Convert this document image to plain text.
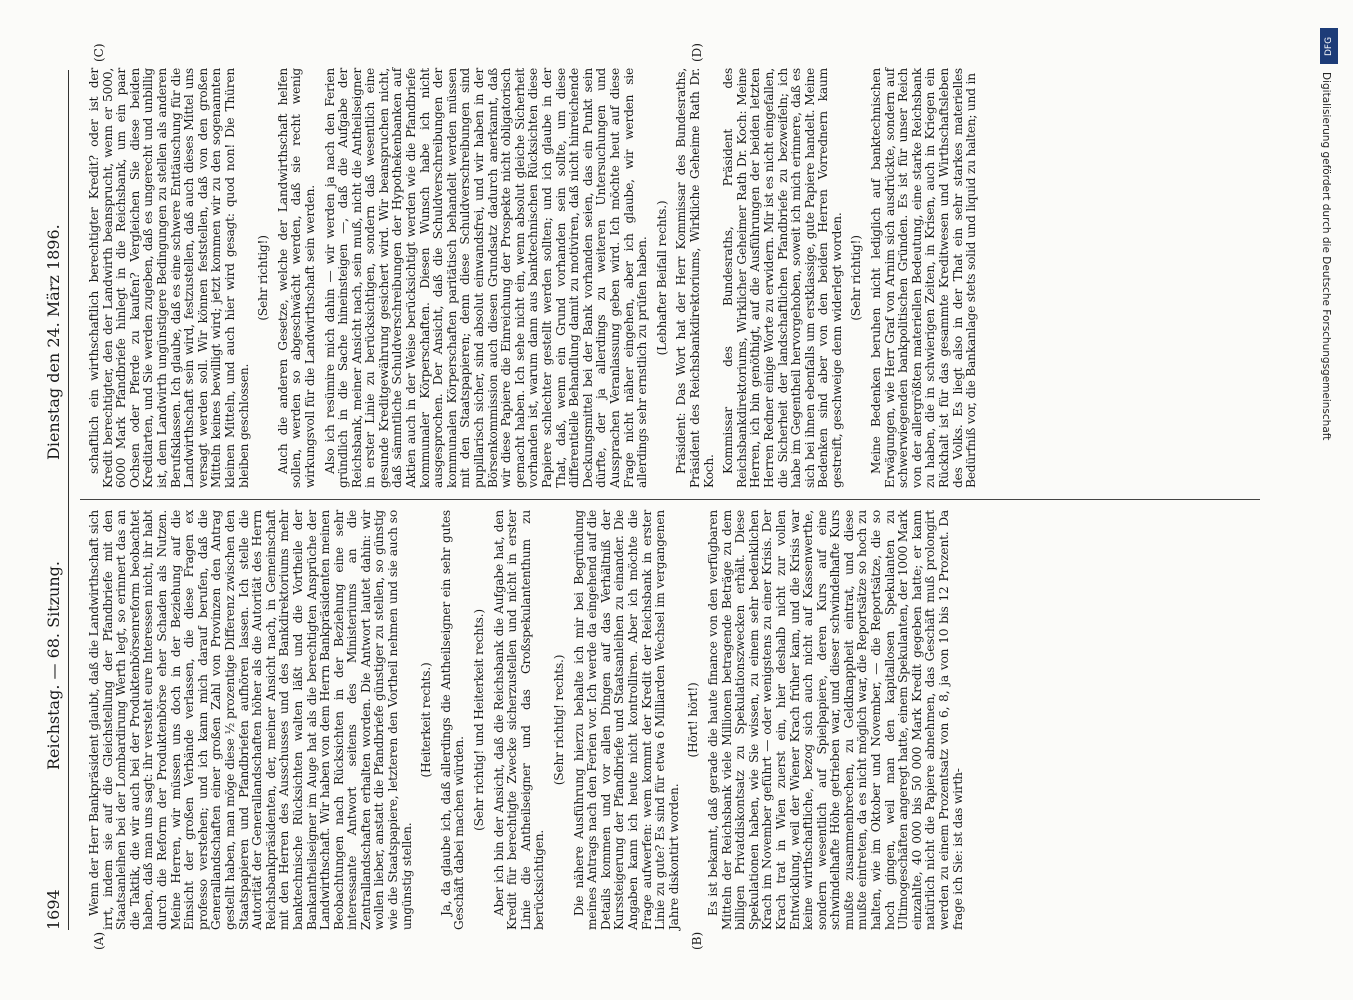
1694
Reichstag. — 68. Sitzung.
Dienstag den 24. März 1896.
(A)	(B)
(C)	(D)

Wenn der Herr Bankpräsident glaubt, daß die Landwirthschaft sich irrt, indem sie auf die Gleichstellung der Pfandbriefe mit den Staatsanleihen bei der Lombardirung Werth legt, so erinnert das an die Taktik, die wir auch bei der Produktenbörsenreform beobachtet haben, daß man uns sagt: ihr versteht eure Interessen nicht, ihr habt durch die Reform der Produktenbörse eher Schaden als Nutzen. Meine Herren, wir müssen uns doch in der Beziehung auf die Einsicht der großen Verbände verlassen, die diese Fragen ex professo verstehen; und ich kann mich darauf berufen, daß die Generallandschaften einer großen Zahl von Provinzen den Antrag gestellt haben, man möge diese ½ prozentige Differenz zwischen den Staatspapieren und Pfandbriefen aufhören lassen. Ich stelle die Autorität der Generallandschaften höher als die Autorität des Herrn Reichsbankpräsidenten, der, meiner Ansicht nach, in Gemeinschaft mit den Herren des Ausschusses und des Bankdirektoriums mehr banktechnische Rücksichten walten läßt und die Vortheile der Bankantheilseigner im Auge hat als die berechtigten Ansprüche der Landwirthschaft. Wir haben von dem Herrn Bankpräsidenten meinen Beobachtungen nach Rücksichten in der Beziehung eine sehr interessante Antwort seitens des Ministeriums an die Zentrallandschaften erhalten worden. Die Antwort lautet dahin: wir wollen lieber, anstatt die Pfandbriefe günstiger zu stellen, so günstig wie die Staatspapiere, letzteren den Vortheil nehmen und sie auch so ungünstig stellen.

(Heiterkeit rechts.) Ja, da glaube ich, daß allerdings die Antheilseigner ein sehr gutes Geschäft dabei machen würden.

(Sehr richtig! und Heiterkeit rechts.) Aber ich bin der Ansicht, daß die Reichsbank die Aufgabe hat, den Kredit für berechtigte Zwecke sicherzustellen und nicht in erster Linie die Antheilseigner und das Großspekulantenthum zu berücksichtigen.

(Sehr richtig! rechts.) Die nähere Ausführung hierzu behalte ich mir bei Begründung meines Antrags nach den Ferien vor. Ich werde da eingehend auf die Details kommen und vor allen Dingen auf das Verhältniß der Kurssteigerung der Pfandbriefe und Staatsanleihen zu einander. Die Angaben kann ich heute nicht kontrolliren. Aber ich möchte die Frage aufwerfen: wem kommt der Kredit der Reichsbank in erster Linie zu gute? Es sind für etwa 6 Milliarden Wechsel im vergangenen Jahre diskontirt worden.

(Hört! hört!) Es ist bekannt, daß gerade die haute finance von den verfügbaren Mitteln der Reichsbank viele Millionen betragende Beträge zu dem billigen Privatdiskontsatz zu Spekulationszwecken erhält. Diese Spekulationen haben, wie Sie wissen, zu einem sehr bedenklichen Krach im November geführt — oder wenigstens zu einer Krisis. Der Krach trat in Wien zuerst ein, hier deshalb nicht zur vollen Entwicklung, weil der Wiener Krach früher kam, und die Krisis war keine wirthschaftliche, bezog sich auch nicht auf Kassenwerthe, sondern wesentlich auf Spielpapiere, deren Kurs auf eine schwindelhafte Höhe getrieben war, und dieser schwindelhafte Kurs mußte zusammenbrechen, zu Geldknappheit eintrat, und diese mußte eintreten, da es nicht möglich war, die Reportsätze so hoch zu halten, wie im Oktober und November, — die Reportsätze, die so hoch gingen, weil man den kapitallosen Spekulanten zu Ultimogeschäften angeregt hatte, einem Spekulanten, der 1000 Mark einzahlte, 40 000 bis 50 000 Mark Kredit gegeben hatte; er kann natürlich nicht die Papiere abnehmen, das Geschäft muß prolongirt werden zu einem Prozentsatz von 6, 8, ja von 10 bis 12 Prozent. Da frage ich Sie: ist das wirth-

schaftlich ein wirthschaftlich berechtigter Kredit? oder ist der Kredit berechtigter, den der Landwirth beansprucht, wenn er 5000, 6000 Mark Pfandbriefe hinlegt in die Reichsbank, um ein paar Ochsen oder Pferde zu kaufen? Vergleichen Sie diese beiden Kreditarten, und Sie werden zugeben, daß es ungerecht und unbillig ist, dem Landwirth ungünstigere Bedingungen zu stellen als anderen Berufsklassen. Ich glaube, daß es eine schwere Enttäuschung für die Landwirthschaft sein wird, festzustellen, daß auch dieses Mittel uns versagt werden soll. Wir können feststellen, daß von den großen Mitteln keines bewilligt wird; jetzt kommen wir zu den sogenannten kleinen Mitteln, und auch hier wird gesagt: quod non! Die Thüren bleiben geschlossen.

(Sehr richtig!) Auch die anderen Gesetze, welche der Landwirthschaft helfen sollen, werden so abgeschwächt werden, daß sie recht wenig wirkungsvoll für die Landwirthschaft sein werden. Also ich resümire mich dahin — wir werden ja nach den Ferien gründlich in die Sache hineinsteigen —, daß die Aufgabe der Reichsbank, meiner Ansicht nach, sein muß, nicht die Antheilseigner in erster Linie zu berücksichtigen, sondern daß wesentlich eine gesunde Kreditgewährung gesichert wird. Wir beanspruchen nicht, daß sämmtliche Schuldverschreibungen der Hypothekenbanken auf Aktien auch in der Weise berücksichtigt werden wie die Pfandbriefe kommunaler Körperschaften. Diesen Wunsch habe ich nicht ausgesprochen. Der Ansicht, daß die Schuldverschreibungen der kommunalen Körperschaften paritätisch behandelt werden müssen mit den Staatspapieren; denn diese Schuldverschreibungen sind pupillarisch sicher, sind absolut einwandsfrei, und wir haben in der Börsenkommission auch diesen Grundsatz dadurch anerkannt, daß wir diese Papiere die Einreichung der Prospekte nicht obligatorisch gemacht haben. Ich sehe nicht ein, wenn absolut gleiche Sicherheit vorhanden ist, warum dann aus banktechnischen Rücksichten diese Papiere schlechter gestellt werden sollten; und ich glaube in der That, daß, wenn ein Grund vorhanden sein sollte, um diese differentielle Behandlung damit zu motiviren, daß nicht hinreichende Deckungsmittel bei der Bank vorhanden seien, das ein Punkt sein dürfte, der ja allerdings zu weiteren Untersuchungen und Aussprachen Veranlassung geben wird. Ich möchte heut auf diese Frage nicht näher eingehen, aber ich glaube, wir werden sie allerdings sehr ernstlich zu prüfen haben. (Lebhafter Beifall rechts.) Präsident: Das Wort hat der Herr Kommissar des Bundesraths, Präsident des Reichsbankdirektoriums, Wirkliche Geheime Rath Dr. Koch. Kommissar des Bundesraths, Präsident des Reichsbankdirektoriums, Wirklicher Geheimer Rath Dr. Koch: Meine Herren, ich bin genöthigt, auf die Ausführungen der beiden letzten Herren Redner einige Worte zu erwidern. Mir ist es nicht eingefallen, die Sicherheit der landschaftlichen Pfandbriefe zu bezweifeln; ich habe im Gegentheil hervorgehoben, soweit ich mich erinnere, daß es sich bei ihnen ebenfalls um erstklassige, gute Papiere handelt. Meine Bedenken sind aber von den beiden Herren Vorrednern kaum gestreift, geschweige denn widerlegt worden. (Sehr richtig!) Meine Bedenken beruhen nicht lediglich auf banktechnischen Erwägungen, wie Herr Graf von Arnim sich ausdrückte, sondern auf schwerwiegenden bankpolitischen Gründen. Es ist für unser Reich von der allergrößten materiellen Bedeutung, eine starke Reichsbank zu haben, die in schwierigen Zeiten, in Krisen, auch in Kriegen ein Rückhalt ist für das gesammte Kreditwesen und Wirthschaftsleben des Volks. Es liegt also in der That ein sehr starkes materielles Bedürfniß vor, die Bankanlage stets solid und liquid zu halten; und in

DFG
Digitalisierung gefördert durch die Deutsche Forschungsgemeinschaft
